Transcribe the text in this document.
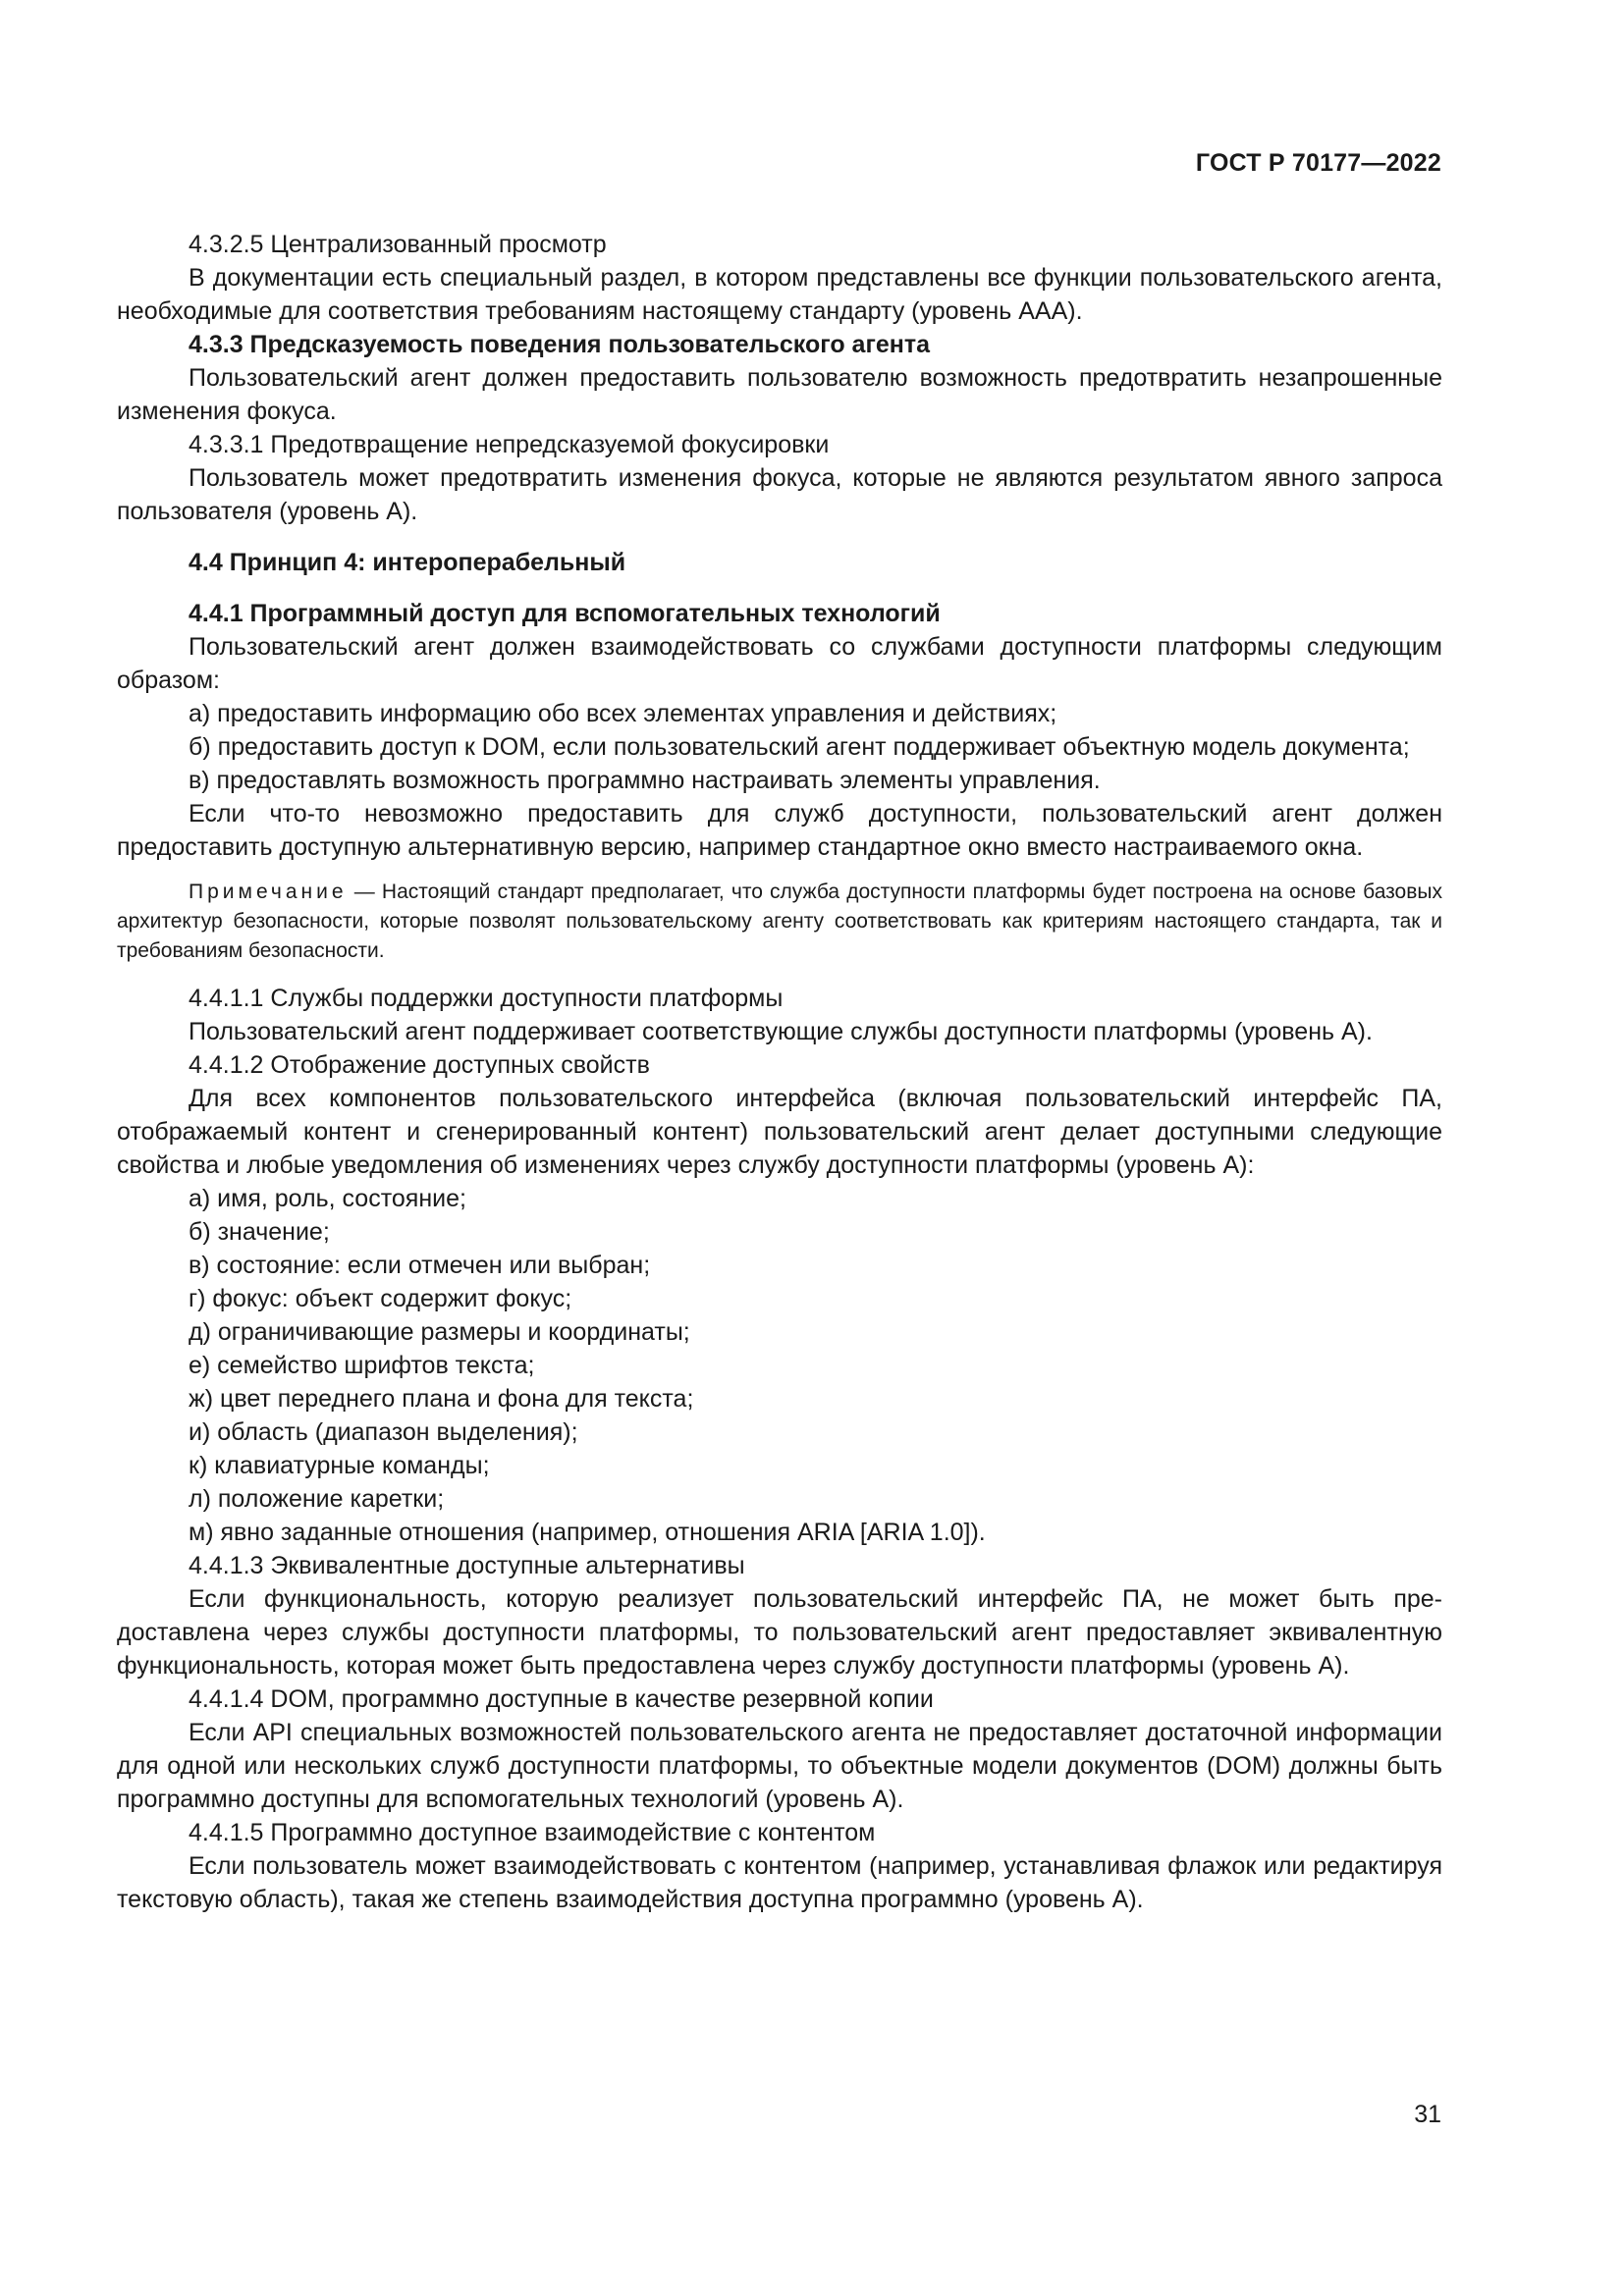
ГОСТ Р 70177—2022

4.3.2.5 Централизованный просмотр

В документации есть специальный раздел, в котором представлены все функции пользовательского агента, необходимые для соответствия требованиям настоящему стандарту (уровень ААА).

4.3.3 Предсказуемость поведения пользовательского агента

Пользовательский агент должен предоставить пользователю возможность предотвратить незапрошенные изменения фокуса.

4.3.3.1 Предотвращение непредсказуемой фокусировки

Пользователь может предотвратить изменения фокуса, которые не являются результатом явного запроса пользователя (уровень А).

4.4 Принцип 4: интероперабельный

4.4.1 Программный доступ для вспомогательных технологий

Пользовательский агент должен взаимодействовать со службами доступности платформы следующим образом:

а) предоставить информацию обо всех элементах управления и действиях;

б) предоставить доступ к DOM, если пользовательский агент поддерживает объектную модель документа;

в) предоставлять возможность программно настраивать элементы управления.

Если что-то невозможно предоставить для служб доступности, пользовательский агент должен предоставить доступную альтернативную версию, например стандартное окно вместо настраиваемого окна.

Примечание — Настоящий стандарт предполагает, что служба доступности платформы будет построена на основе базовых архитектур безопасности, которые позволят пользовательскому агенту соответствовать как критериям настоящего стандарта, так и требованиям безопасности.

4.4.1.1 Службы поддержки доступности платформы

Пользовательский агент поддерживает соответствующие службы доступности платформы (уровень А).

4.4.1.2 Отображение доступных свойств

Для всех компонентов пользовательского интерфейса (включая пользовательский интерфейс ПА, отображаемый контент и сгенерированный контент) пользовательский агент делает доступными следующие свойства и любые уведомления об изменениях через службу доступности платформы (уровень А):

а) имя, роль, состояние;

б) значение;

в) состояние: если отмечен или выбран;

г) фокус: объект содержит фокус;

д) ограничивающие размеры и координаты;

е) семейство шрифтов текста;

ж) цвет переднего плана и фона для текста;

и) область (диапазон выделения);

к) клавиатурные команды;

л) положение каретки;

м) явно заданные отношения (например, отношения ARIA [ARIA 1.0]).

4.4.1.3 Эквивалентные доступные альтернативы

Если функциональность, которую реализует пользовательский интерфейс ПА, не может быть предоставлена через службы доступности платформы, то пользовательский агент предоставляет эквивалентную функциональность, которая может быть предоставлена через службу доступности платформы (уровень А).

4.4.1.4 DOM, программно доступные в качестве резервной копии

Если API специальных возможностей пользовательского агента не предоставляет достаточной информации для одной или нескольких служб доступности платформы, то объектные модели документов (DOM) должны быть программно доступны для вспомогательных технологий (уровень А).

4.4.1.5 Программно доступное взаимодействие с контентом

Если пользователь может взаимодействовать с контентом (например, устанавливая флажок или редактируя текстовую область), такая же степень взаимодействия доступна программно (уровень А).

31
